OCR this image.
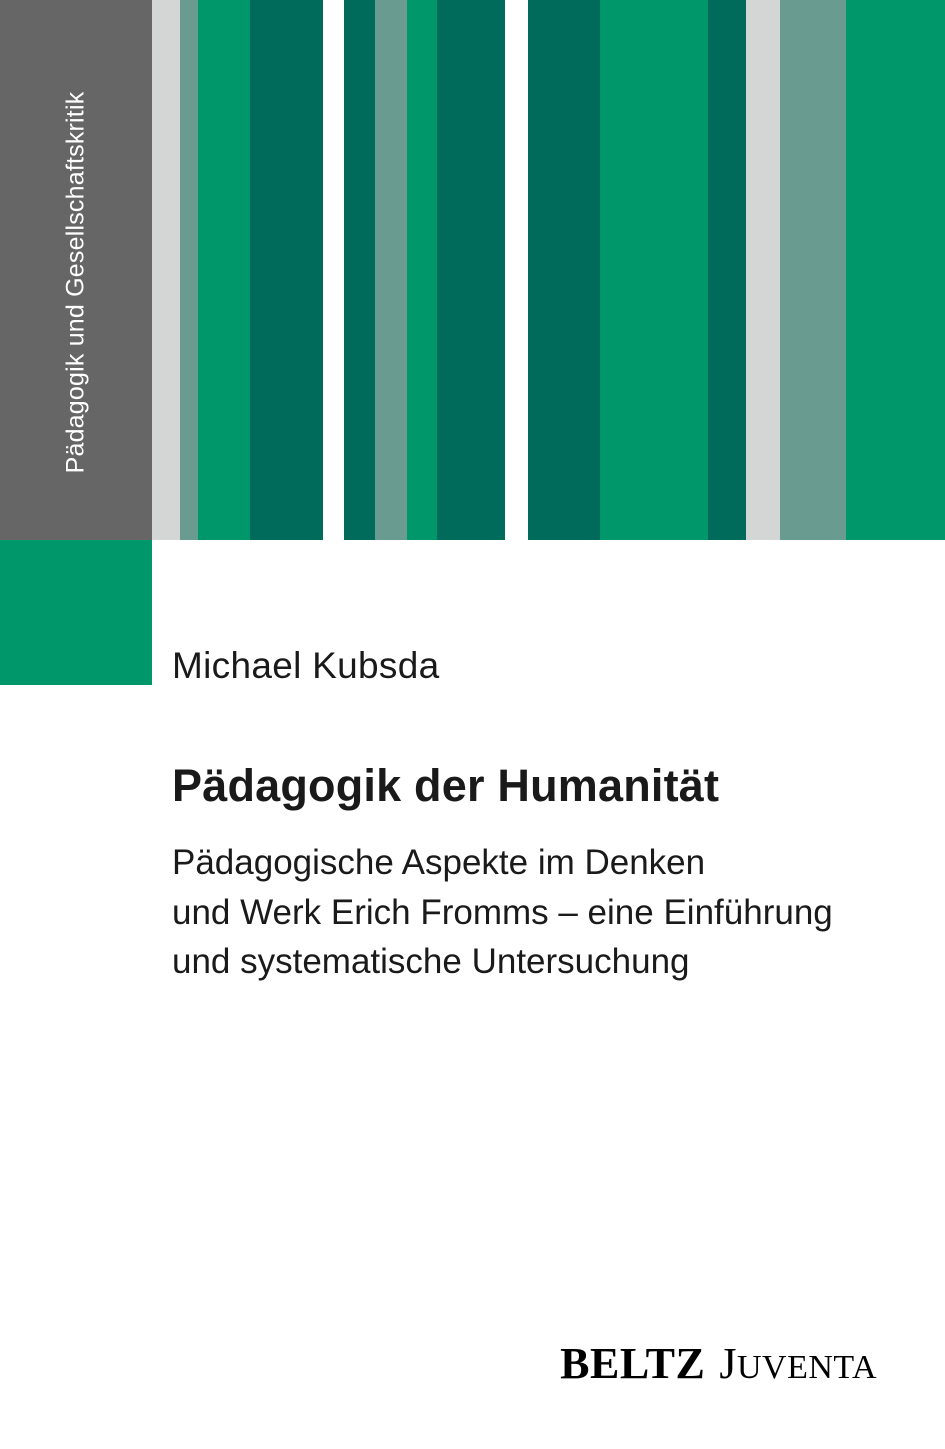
Pädagogik und Gesellschaftskritik
Michael Kubsda
Pädagogik der Humanität
Pädagogische Aspekte im Denken
und Werk Erich Fromms – eine Einführung
und systematische Untersuchung
BELTZ JUVENTA
